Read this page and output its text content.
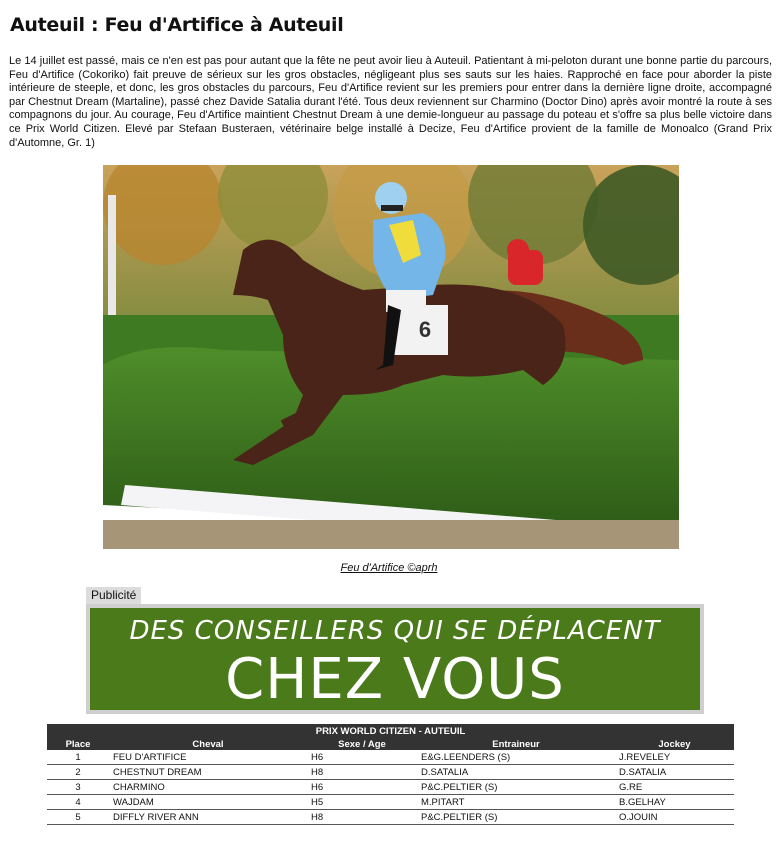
Auteuil : Feu d'Artifice à Auteuil

Le 14 juillet est passé, mais ce n'en est pas pour autant que la fête ne peut avoir lieu à Auteuil. Patientant à mi-peloton durant une bonne partie du parcours, Feu d'Artifice (Cokoriko) fait preuve de sérieux sur les gros obstacles, négligeant plus ses sauts sur les haies. Rapproché en face pour aborder la piste intérieure de steeple, et donc, les gros obstacles du parcours, Feu d'Artifice revient sur les premiers pour entrer dans la dernière ligne droite, accompagné par Chestnut Dream (Martaline), passé chez Davide Satalia durant l'été. Tous deux reviennent sur Charmino (Doctor Dino) après avoir montré la route à ses compagnons du jour. Au courage, Feu d'Artifice maintient Chestnut Dream à une demie-longueur au passage du poteau et s'offre sa plus belle victoire dans ce Prix World Citizen. Elevé par Stefaan Busteraen, vétérinaire belge installé à Decize, Feu d'Artifice provient de la famille de Monoalco (Grand Prix d'Automne, Gr. 1)

6
Feu d'Artifice ©aprh
Publicité
DES CONSEILLERS QUI SE DÉPLACENT
CHEZ VOUS
PRIX WORLD CITIZEN - AUTEUIL				
Place	Cheval	Sexe / Age	Entraineur	Jockey
1	FEU D'ARTIFICE	H6	E&G.LEENDERS (S)	J.REVELEY
2	CHESTNUT DREAM	H8	D.SATALIA	D.SATALIA
3	CHARMINO	H6	P&C.PELTIER (S)	G.RE
4	WAJDAM	H5	M.PITART	B.GELHAY
5	DIFFLY RIVER ANN	H8	P&C.PELTIER (S)	O.JOUIN
